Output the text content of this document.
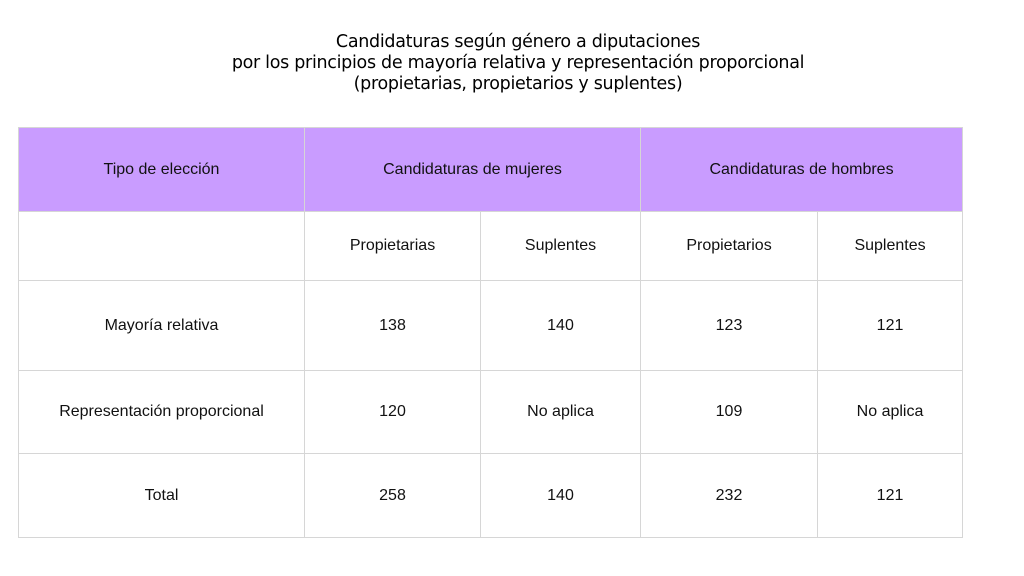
Candidaturas según género a diputaciones
por los principios de mayoría relativa y representación proporcional
(propietarias, propietarios y suplentes)
Tipo de elección	Candidaturas de mujeres		Candidaturas de hombres	
	Propietarias	Suplentes	Propietarios	Suplentes
Mayoría relativa	138	140	123	121
Representación proporcional	120	No aplica	109	No aplica
Total	258	140	232	121
